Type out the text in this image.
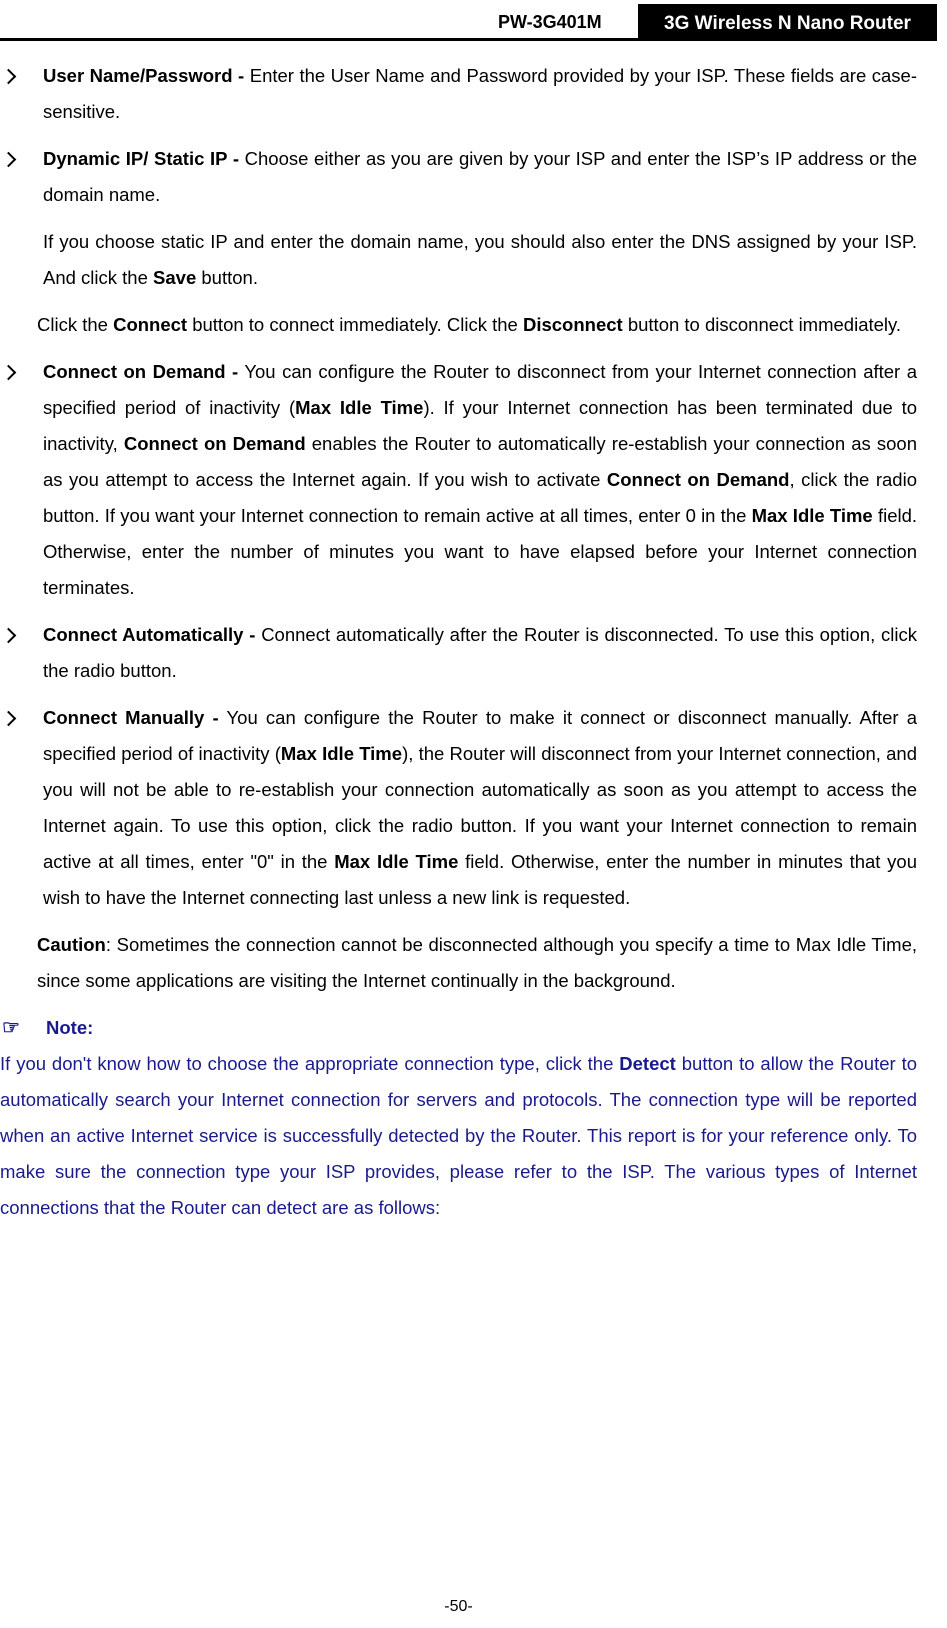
PW-3G401M	3G Wireless N Nano Router
User Name/Password - Enter the User Name and Password provided by your ISP. These fields are case-sensitive.
Dynamic IP/ Static IP - Choose either as you are given by your ISP and enter the ISP’s IP address or the domain name.
If you choose static IP and enter the domain name, you should also enter the DNS assigned by your ISP. And click the Save button.
Click the Connect button to connect immediately. Click the Disconnect button to disconnect immediately.
Connect on Demand - You can configure the Router to disconnect from your Internet connection after a specified period of inactivity (Max Idle Time). If your Internet connection has been terminated due to inactivity, Connect on Demand enables the Router to automatically re-establish your connection as soon as you attempt to access the Internet again. If you wish to activate Connect on Demand, click the radio button. If you want your Internet connection to remain active at all times, enter 0 in the Max Idle Time field. Otherwise, enter the number of minutes you want to have elapsed before your Internet connection terminates.
Connect Automatically - Connect automatically after the Router is disconnected. To use this option, click the radio button.
Connect Manually - You can configure the Router to make it connect or disconnect manually. After a specified period of inactivity (Max Idle Time), the Router will disconnect from your Internet connection, and you will not be able to re-establish your connection automatically as soon as you attempt to access the Internet again. To use this option, click the radio button. If you want your Internet connection to remain active at all times, enter "0" in the Max Idle Time field. Otherwise, enter the number in minutes that you wish to have the Internet connecting last unless a new link is requested.
Caution: Sometimes the connection cannot be disconnected although you specify a time to Max Idle Time, since some applications are visiting the Internet continually in the background.
☞ Note:
If you don't know how to choose the appropriate connection type, click the Detect button to allow the Router to automatically search your Internet connection for servers and protocols. The connection type will be reported when an active Internet service is successfully detected by the Router. This report is for your reference only. To make sure the connection type your ISP provides, please refer to the ISP. The various types of Internet connections that the Router can detect are as follows:
-50-
